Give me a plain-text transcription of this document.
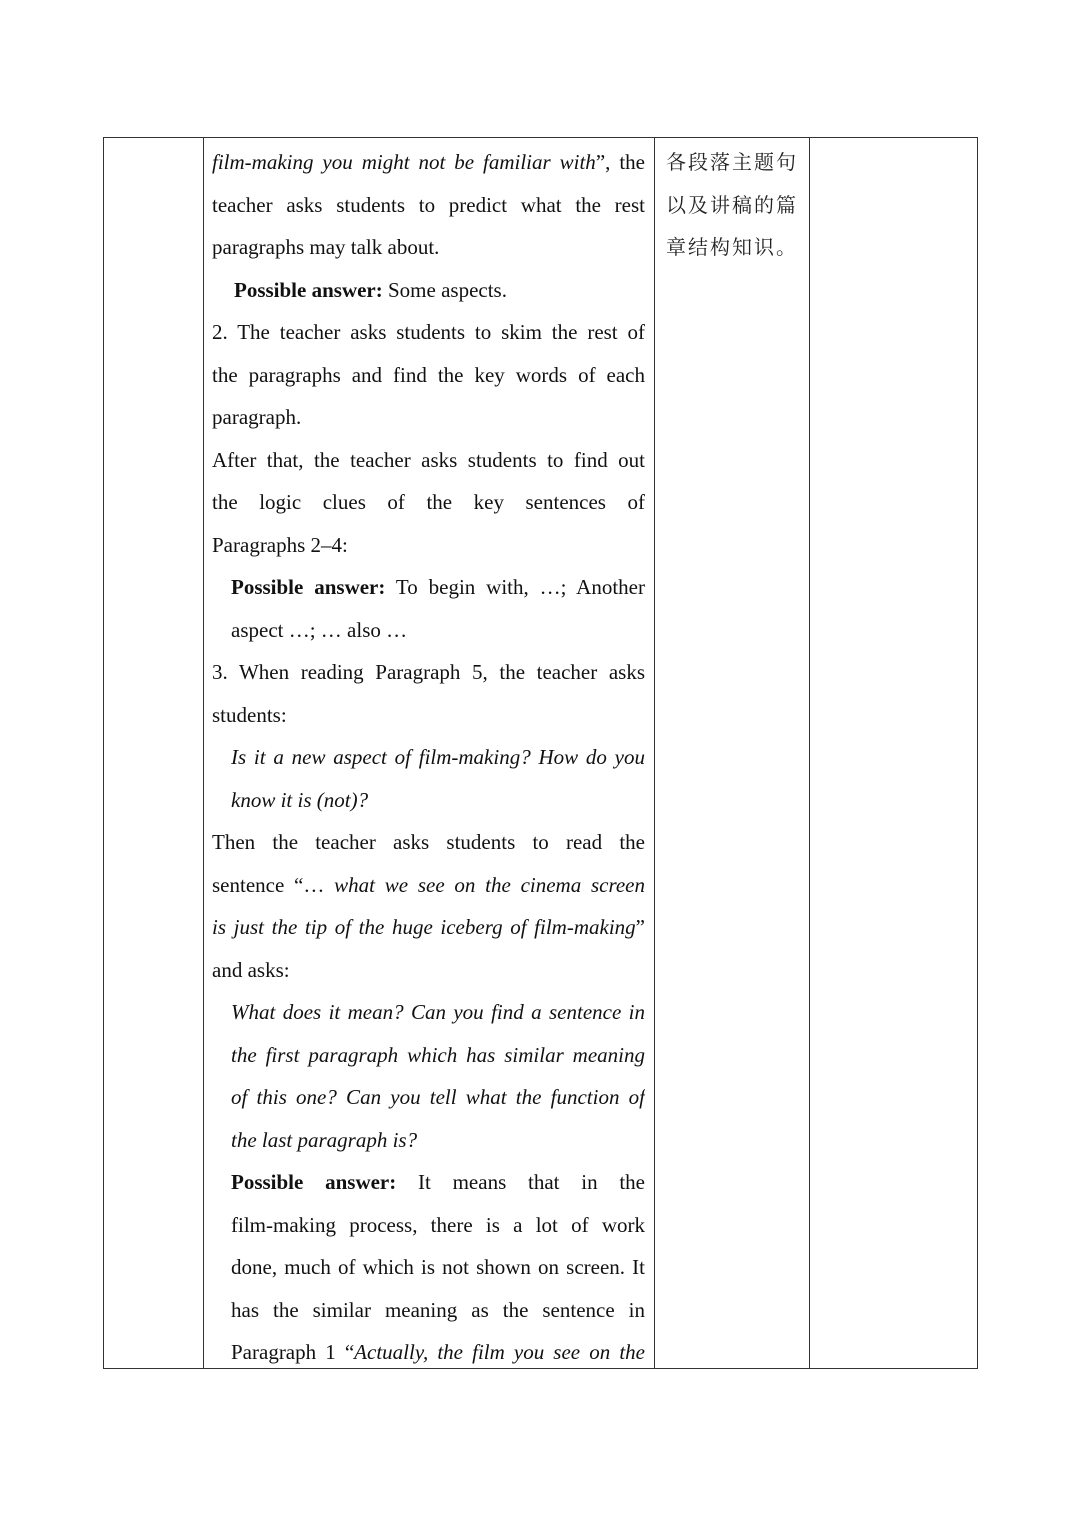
film-making you might not be familiar with”, the
teacher asks students to predict what the rest
paragraphs may talk about.
Possible answer: Some aspects.
2. The teacher asks students to skim the rest of
the paragraphs and find the key words of each
paragraph.
After that, the teacher asks students to find out
the logic clues of the key sentences of
Paragraphs 2–4:
Possible answer: To begin with, …; Another
aspect …; … also …
3. When reading Paragraph 5, the teacher asks
students:
Is it a new aspect of film-making? How do you
know it is (not)?
Then the teacher asks students to read the
sentence “… what we see on the cinema screen
is just the tip of the huge iceberg of film-making”
and asks:
What does it mean? Can you find a sentence in
the first paragraph which has similar meaning
of this one? Can you tell what the function of
the last paragraph is?
Possible answer: It means that in the
film-making process, there is a lot of work
done, much of which is not shown on screen. It
has the similar meaning as the sentence in
Paragraph 1 “Actually, the film you see on the
各段落主题句
以及讲稿的篇
章结构知识。
